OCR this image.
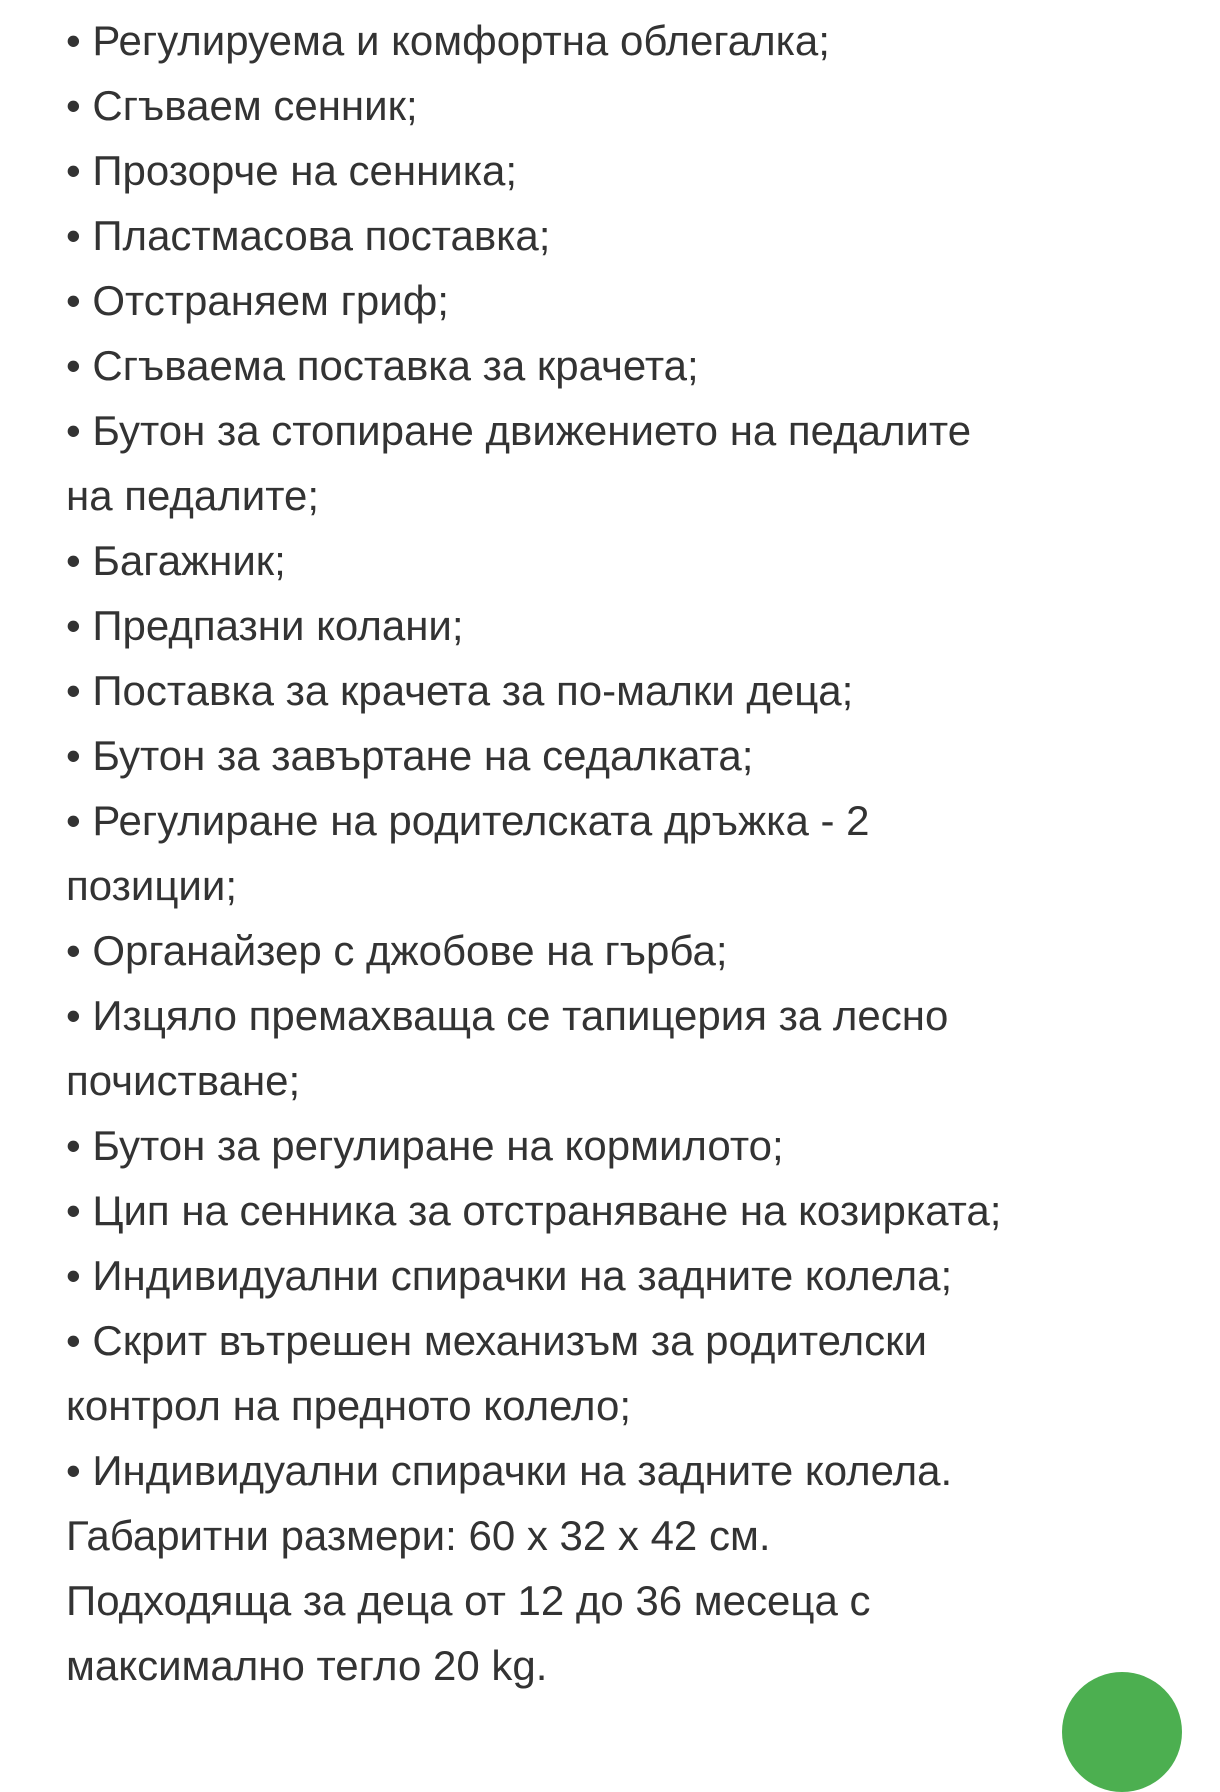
• Регулируема и комфортна облегалка;

• Сгъваем сенник;

• Прозорче на сенника;

• Пластмасова поставка;

• Отстраняем гриф;

• Сгъваема поставка за крачета;

• Бутон за стопиране движението на педалите

на педалите;

• Багажник;

• Предпазни колани;

• Поставка за крачета за по-малки деца;

• Бутон за завъртане на седалката;

• Регулиране на родителската дръжка - 2

позиции;

• Органайзер с джобове на гърба;

• Изцяло премахваща се тапицерия за лесно

почистване;

• Бутон за регулиране на кормилото;

• Цип на сенника за отстраняване на козирката;

• Индивидуални спирачки на задните колела;

• Скрит вътрешен механизъм за родителски

контрол на предното колело;

• Индивидуални спирачки на задните колела.

Габаритни размери: 60 x 32 x 42 см.

Подходяща за деца от 12 до 36 месеца с

максимално тегло 20 kg.
